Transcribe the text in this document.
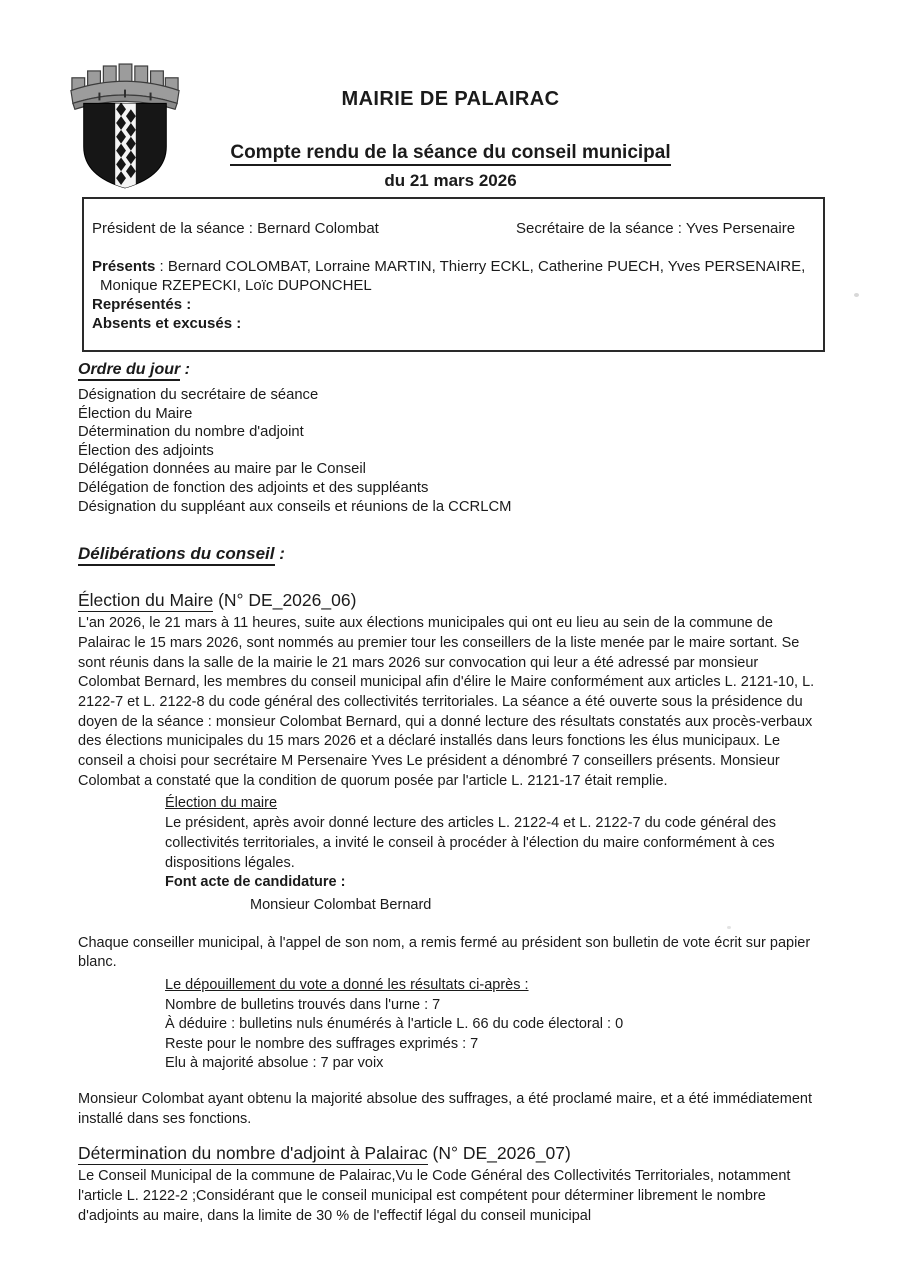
MAIRIE DE PALAIRAC
Compte rendu de la séance du conseil municipal
du 21 mars 2026
Président de la séance : Bernard Colombat	Secrétaire de la séance : Yves Persenaire
Présents : Bernard COLOMBAT, Lorraine MARTIN, Thierry ECKL, Catherine PUECH, Yves PERSENAIRE,
Monique RZEPECKI, Loïc DUPONCHEL
Représentés :
Absents et excusés :
Ordre du jour :
Désignation du secrétaire de séance
Élection du Maire
Détermination du nombre d'adjoint
Élection des adjoints
Délégation données au maire par le Conseil
Délégation de fonction des adjoints et des suppléants
Désignation du suppléant aux conseils et réunions de la CCRLCM
Délibérations du conseil :
Élection du Maire (N° DE_2026_06)
L'an 2026, le 21 mars à 11 heures, suite aux élections municipales qui ont eu lieu au sein de la commune de Palairac le 15 mars 2026, sont nommés au premier tour les conseillers de la liste menée par le maire sortant. Se sont réunis dans la salle de la mairie le 21 mars 2026 sur convocation qui leur a été adressé par monsieur Colombat Bernard, les membres du conseil municipal afin d'élire le Maire conformément aux articles L. 2121-10, L. 2122-7 et L. 2122-8 du code général des collectivités territoriales. La séance a été ouverte sous la présidence du doyen de la séance : monsieur Colombat Bernard, qui a donné lecture des résultats constatés aux procès-verbaux des élections municipales du 15 mars 2026 et a déclaré installés dans leurs fonctions les élus municipaux. Le conseil a choisi pour secrétaire M Persenaire Yves Le président a dénombré 7 conseillers présents. Monsieur Colombat a constaté que la condition de quorum posée par l'article L. 2121-17 était remplie.
Élection du maire
Le président, après avoir donné lecture des articles L. 2122-4 et L. 2122-7 du code général des collectivités territoriales, a invité le conseil à procéder à l'élection du maire conformément à ces dispositions légales.
Font acte de candidature :
Monsieur Colombat Bernard
Chaque conseiller municipal, à l'appel de son nom, a remis fermé au président son bulletin de vote écrit sur papier blanc.
Le dépouillement du vote a donné les résultats ci-après :
Nombre de bulletins trouvés dans l'urne : 7
À déduire : bulletins nuls énumérés à l'article L. 66 du code électoral : 0
Reste pour le nombre des suffrages exprimés : 7
Elu à majorité absolue : 7 par voix
Monsieur Colombat ayant obtenu la majorité absolue des suffrages, a été proclamé maire, et a été immédiatement installé dans ses fonctions.
Détermination du nombre d'adjoint à Palairac (N° DE_2026_07)
Le Conseil Municipal de la commune de Palairac,Vu le Code Général des Collectivités Territoriales, notamment l'article L. 2122-2 ;Considérant que le conseil municipal est compétent pour déterminer librement le nombre d'adjoints au maire, dans la limite de 30 % de l'effectif légal du conseil municipal
